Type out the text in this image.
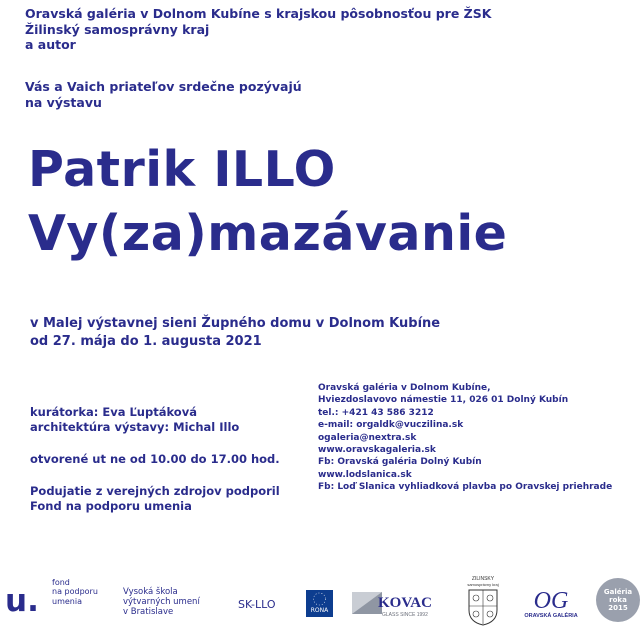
Oravská galéria v Dolnom Kubíne s krajskou pôsobnosťou pre ŽSK
Žilinský samosprávny kraj
a autor
Vás a Vaich priateľov srdečne pozývajú
na výstavu
Patrik ILLO
Vy(za)mazávanie
v Malej výstavnej sieni Župného domu v Dolnom Kubíne
od 27. mája do 1. augusta 2021
kurátorka: Eva Ľuptáková
architektúra výstavy: Michal Illo
otvorené ut ne od 10.00 do 17.00 hod.
Podujatie z verejných zdrojov podporil
Fond na podporu umenia
Oravská galéria v Dolnom Kubíne,
Hviezdoslavovo námestie 11, 026 01 Dolný Kubín
tel.: +421 43 586 3212
e-mail: orgaldk@vuczilina.sk
ogaleria@nextra.sk
www.oravskagaleria.sk
Fb: Oravská galéria Dolný Kubín
www.lodslanica.sk
Fb: Loď Slanica vyhliadková plavba po Oravskej priehrade
u.
fond
na podporu
umenia
Vysoká škola
výtvarných umení
v Bratislave
SK-LLO	RONA	KOVAC
GLASS SINCE 1992
ŽILINSKÝ
samosprávny kraj
OG
ORAVSKÁ GALÉRIA
Galéria
roka
2015
